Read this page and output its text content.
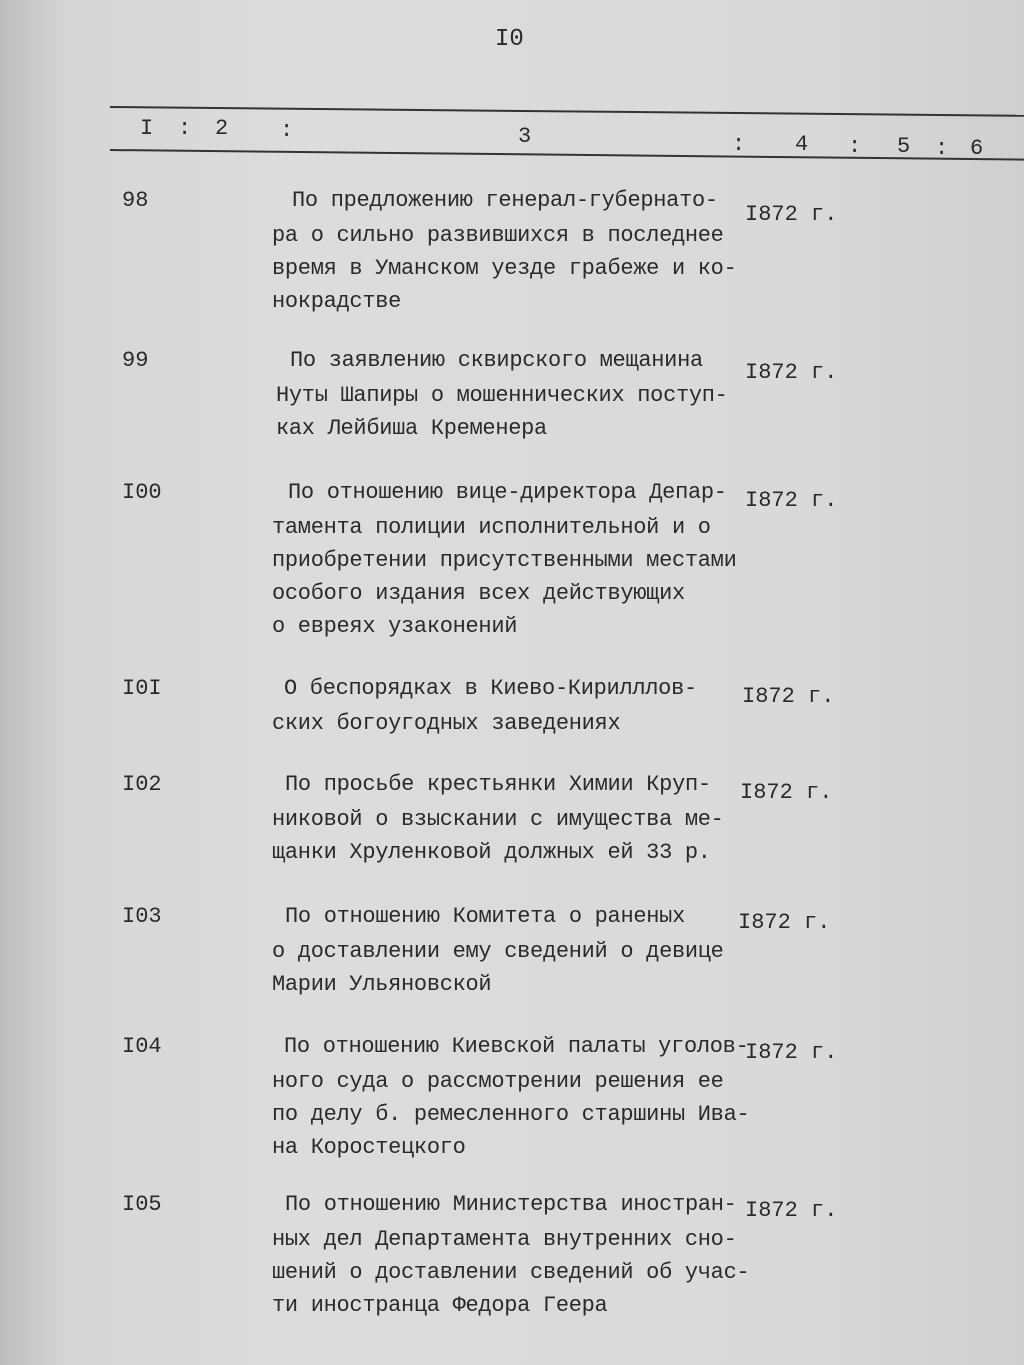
I0
I : 2 :	3	: 4 : 5 : 6
98	По предложению генерал-губернато-
ра о сильно развившихся в последнее
время в Уманском уезде грабеже и ко-
нокрадстве
I872 г.
99	По заявлению сквирского мещанина
Нуты Шапиры о мошеннических поступ-
ках Лейбиша Кременера
I872 г.
I00	По отношению вице-директора Депар-
тамента полиции исполнительной и о
приобретении присутственными местами
особого издания всех действующих
о евреях узаконений
I872 г.
I0I	О беспорядках в Киево-Кирилллов-
ских богоугодных заведениях
I872 г.
I02	По просьбе крестьянки Химии Круп-
никовой о взыскании с имущества ме-
щанки Хруленковой должных ей 33 р.
I872 г.
I03	По отношению Комитета о раненых
о доставлении ему сведений о девице
Марии Ульяновской
I872 г.
I04	По отношению Киевской палаты уголов-
ного суда о рассмотрении решения ее
по делу б. ремесленного старшины Ива-
на Коростецкого
I872 г.
I05	По отношению Министерства иностран-
ных дел Департамента внутренних сно-
шений о доставлении сведений об учас-
ти иностранца Федора Геера
I872 г.
